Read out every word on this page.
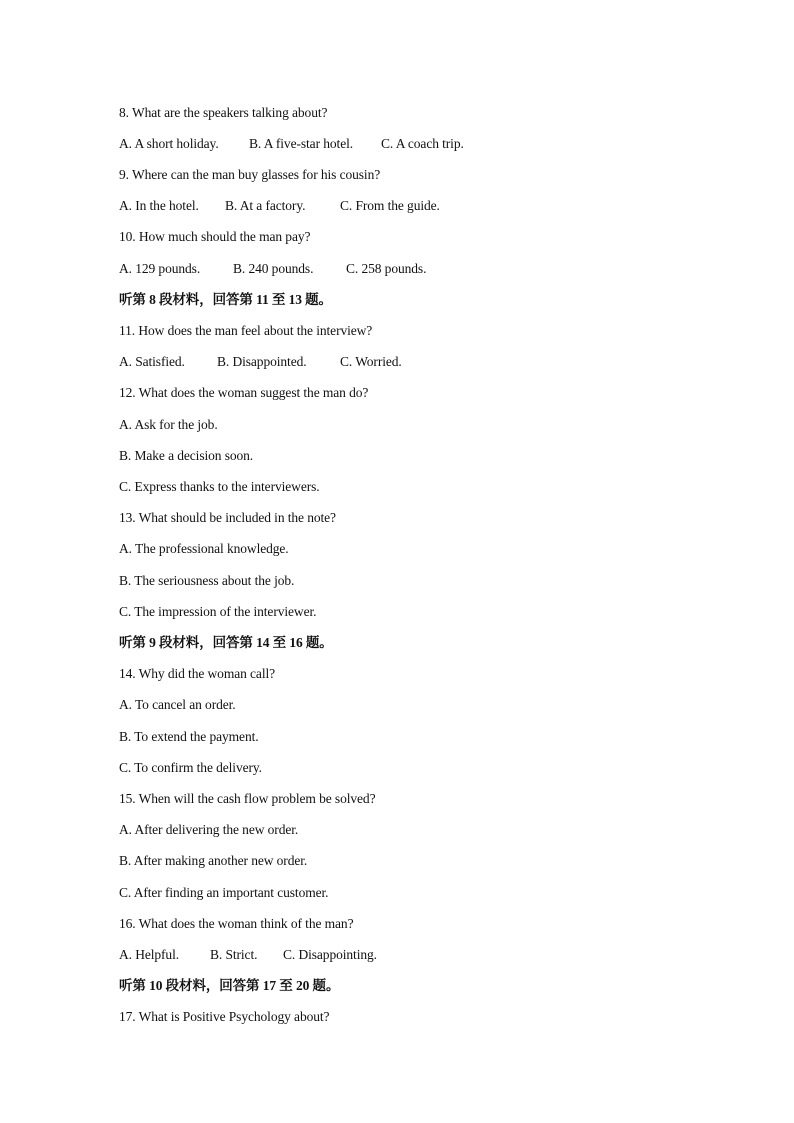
8. What are the speakers talking about?
A. A short holiday. B. A five-star hotel. C. A coach trip.
9. Where can the man buy glasses for his cousin?
A. In the hotel. B. At a factory.	C. From the guide.
10. How much should the man pay?
A. 129 pounds. B. 240 pounds. C. 258 pounds.
听第 8 段材料，回答第 11 至 13 题。
11. How does the man feel about the interview?
A. Satisfied. B. Disappointed. C. Worried.
12. What does the woman suggest the man do?
A. Ask for the job.
B. Make a decision soon.
C. Express thanks to the interviewers.
13. What should be included in the note?
A. The professional knowledge.
B. The seriousness about the job.
C. The impression of the interviewer.
听第 9 段材料，回答第 14 至 16 题。
14. Why did the woman call?
A. To cancel an order.
B. To extend the payment.
C. To confirm the delivery.
15. When will the cash flow problem be solved?
A. After delivering the new order.
B. After making another new order.
C. After finding an important customer.
16. What does the woman think of the man?
A. Helpful. B. Strict. C. Disappointing.
听第 10 段材料，回答第 17 至 20 题。
17. What is Positive Psychology about?
